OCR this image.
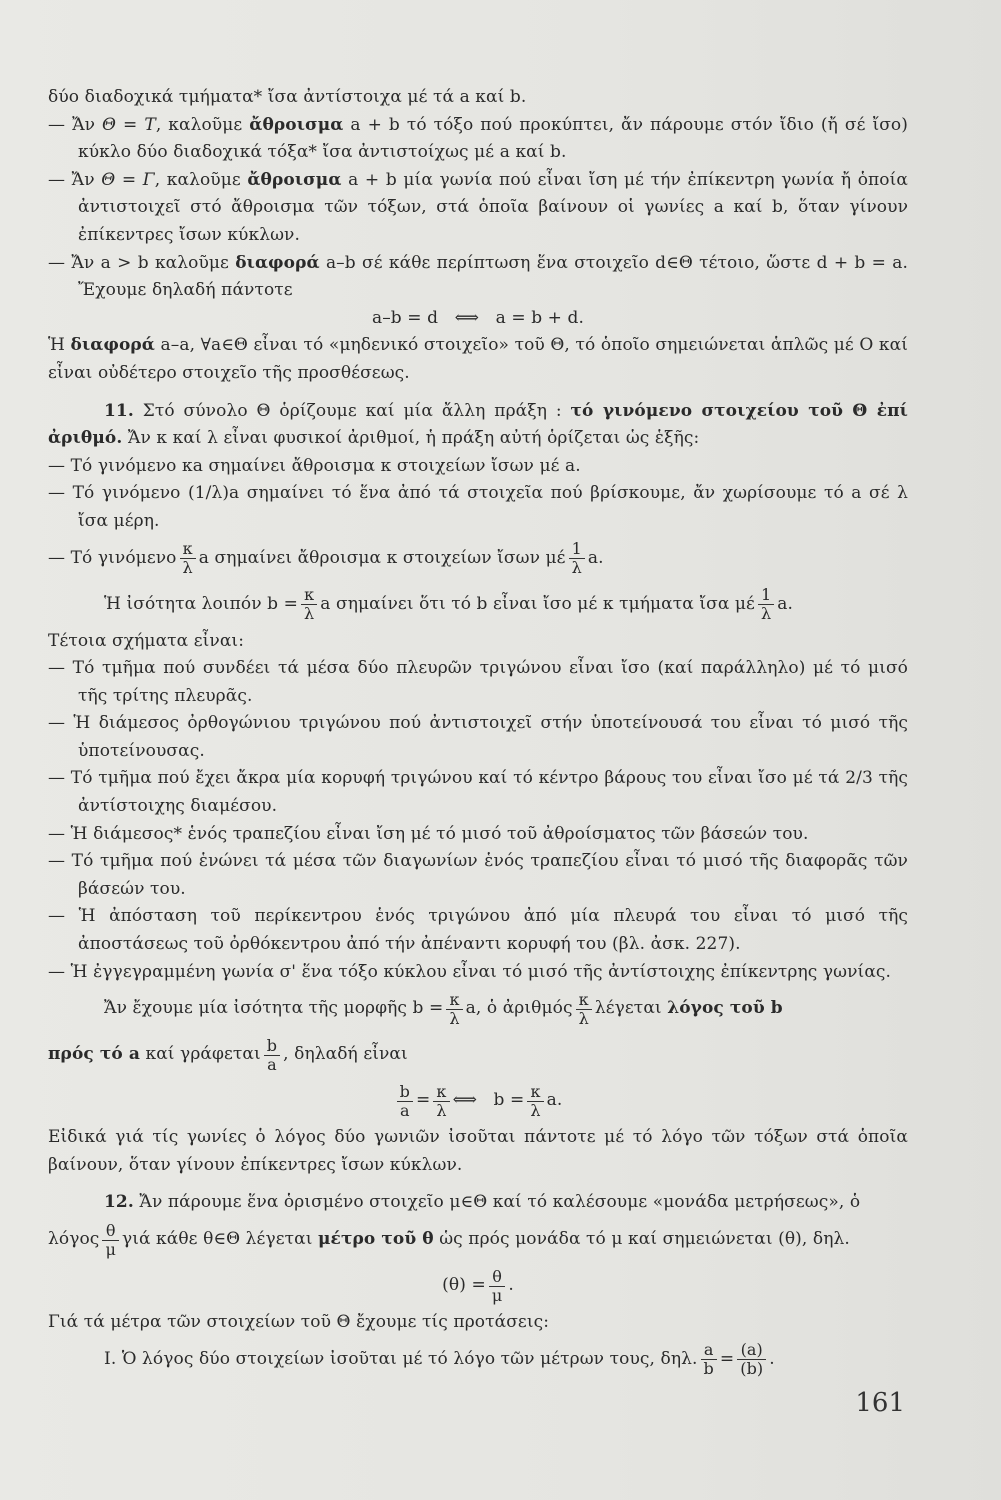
δύο διαδοχικά τμήματα* ἴσα ἀντίστοιχα μέ τά a καί b.

— Ἄν Θ = Τ, καλοῦμε ἄθροισμα a + b τό τόξο πού προκύπτει, ἄν πάρουμε στόν ἴδιο (ἤ σέ ἴσο) κύκλο δύο διαδοχικά τόξα* ἴσα ἀντιστοίχως μέ a καί b.

— Ἄν Θ = Γ, καλοῦμε ἄθροισμα a + b μία γωνία πού εἶναι ἴση μέ τήν ἐπίκεντρη γωνία ἤ ὁποία ἀντιστοιχεῖ στό ἄθροισμα τῶν τόξων, στά ὁποῖα βαίνουν οἱ γωνίες a καί b, ὅταν γίνουν ἐπίκεντρες ἴσων κύκλων.

— Ἄν a > b καλοῦμε διαφορά a–b σέ κάθε περίπτωση ἕνα στοιχεῖο d∈Θ τέτοιο, ὥστε d + b = a. Ἔχουμε δηλαδή πάντοτε

a–b = d   ⟺   a = b + d.

Ἡ διαφορά a–a, ∀a∈Θ εἶναι τό «μηδενικό στοιχεῖο» τοῦ Θ, τό ὁποῖο σημειώνεται ἁπλῶς μέ O καί εἶναι οὐδέτερο στοιχεῖο τῆς προσθέσεως.

11. Στό σύνολο Θ ὁρίζουμε καί μία ἄλλη πράξη : τό γινόμενο στοιχείου τοῦ Θ ἐπί ἀριθμό. Ἄν κ καί λ εἶναι φυσικοί ἀριθμοί, ἡ πράξη αὐτή ὁρίζεται ὡς ἑξῆς:

— Τό γινόμενο κa σημαίνει ἄθροισμα κ στοιχείων ἴσων μέ a.

— Τό γινόμενο (1/λ)a σημαίνει τό ἕνα ἀπό τά στοιχεῖα πού βρίσκουμε, ἄν χωρίσουμε τό a σέ λ ἴσα μέρη.

— Τό γινόμενο $\frac{\kappa}{\lambda}$ a σημαίνει ἄθροισμα κ στοιχείων ἴσων μέ $\frac{1}{\lambda} a$.
Ἡ ἰσότητα λοιπόν $b = \frac{\kappa}{\lambda}$ a σημαίνει ὅτι τό b εἶναι ἴσο μέ κ τμήματα ἴσα μέ $\frac{1}{\lambda} a$.

Τέτοια σχήματα εἶναι:

— Τό τμῆμα πού συνδέει τά μέσα δύο πλευρῶν τριγώνου εἶναι ἴσο (καί παράλληλο) μέ τό μισό τῆς τρίτης πλευρᾶς.

— Ἡ διάμεσος ὀρθογώνιου τριγώνου πού ἀντιστοιχεῖ στήν ὑποτείνουσά του εἶναι τό μισό τῆς ὑποτείνουσας.

— Τό τμῆμα πού ἔχει ἄκρα μία κορυφή τριγώνου καί τό κέντρο βάρους του εἶναι ἴσο μέ τά 2/3 τῆς ἀντίστοιχης διαμέσου.

— Ἡ διάμεσος* ἑνός τραπεζίου εἶναι ἴση μέ τό μισό τοῦ ἀθροίσματος τῶν βάσεών του.

— Τό τμῆμα πού ἑνώνει τά μέσα τῶν διαγωνίων ἑνός τραπεζίου εἶναι τό μισό τῆς διαφορᾶς τῶν βάσεών του.

— Ἡ ἀπόσταση τοῦ περίκεντρου ἑνός τριγώνου ἀπό μία πλευρά του εἶναι τό μισό τῆς ἀποστάσεως τοῦ ὀρθόκεντρου ἀπό τήν ἀπέναντι κορυφή του (βλ. ἀσκ. 227).

— Ἡ ἐγγεγραμμένη γωνία σ' ἕνα τόξο κύκλου εἶναι τό μισό τῆς ἀντίστοιχης ἐπίκεντρης γωνίας.

Ἄν ἔχουμε μία ἰσότητα τῆς μορφῆς $b = \frac{\kappa}{\lambda} a$, ὁ ἀριθμός $\frac{\kappa}{\lambda}$ λέγεται
λόγος τοῦ b
πρός τό a
καί γράφεται $\frac{b}{a}$ , δηλαδή εἶναι
$\frac{b}{a} = \frac{\kappa}{\lambda}$ ⟺   $b = \frac{\kappa}{\lambda} a$.

Εἰδικά γιά τίς γωνίες ὁ λόγος δύο γωνιῶν ἰσοῦται πάντοτε μέ τό λόγο τῶν τόξων στά ὁποῖα βαίνουν, ὅταν γίνουν ἐπίκεντρες ἴσων κύκλων.

12. Ἄν πάρουμε ἕνα ὁρισμένο στοιχεῖο μ∈Θ καί τό καλέσουμε «μονάδα μετρήσεως», ὁ

λόγος $\frac{\theta}{\mu}$ γιά κάθε θ∈Θ λέγεται
μέτρο τοῦ θ
ὡς πρός μονάδα τό μ καί σημειώνεται (θ), δηλ.
$(\theta) = \frac{\theta}{\mu}$ .

Γιά τά μέτρα τῶν στοιχείων τοῦ Θ ἔχουμε τίς προτάσεις:

I. Ὁ λόγος δύο στοιχείων ἰσοῦται μέ τό λόγο τῶν μέτρων τους, δηλ. $\frac{a}{b} = \frac{(a)}{(b)}$ .
161
